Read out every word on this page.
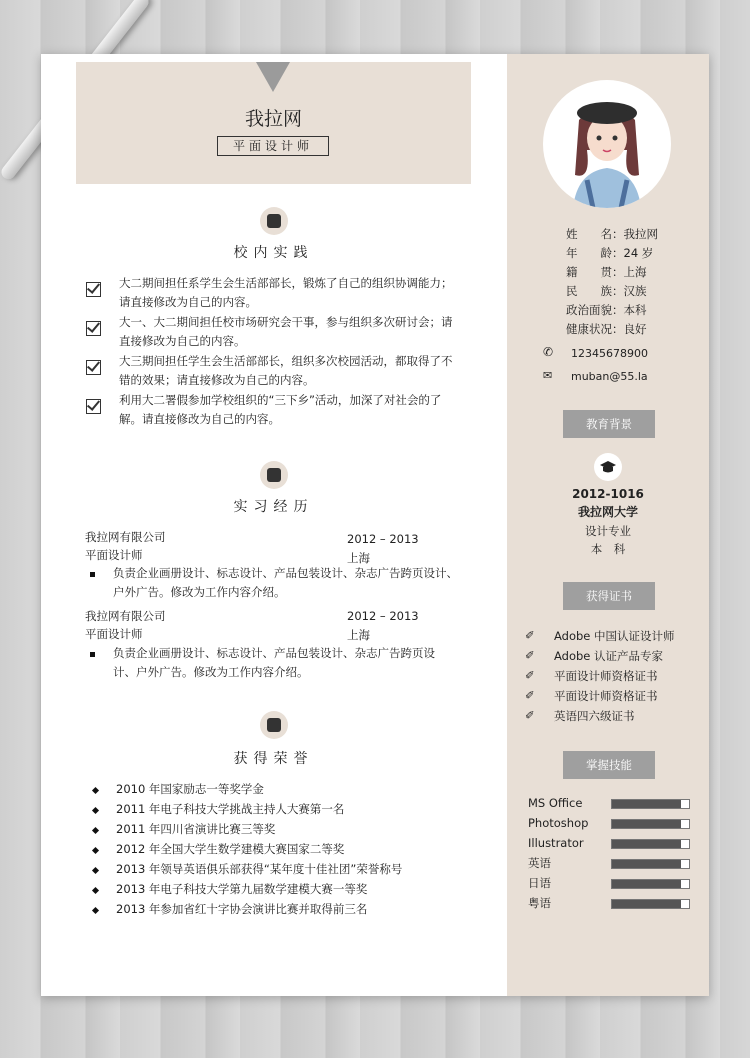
我拉网
平面设计师
校内实践
大二期间担任系学生会生活部部长，锻炼了自己的组织协调能力；
请直接修改为自己的内容。
大一、大二期间担任校市场研究会干事，参与组织多次研讨会；请
直接修改为自己的内容。
大三期间担任学生会生活部部长，组织多次校园活动，都取得了不
错的效果；请直接修改为自己的内容。
利用大二署假参加学校组织的“三下乡”活动，加深了对社会的了
解。请直接修改为自己的内容。
实习经历
我拉网有限公司	2012 – 2013
平面设计师	上海
负责企业画册设计、标志设计、产品包装设计、杂志广告跨页设计、
户外广告。修改为工作内容介绍。
我拉网有限公司	2012 – 2013
平面设计师	上海
负责企业画册设计、标志设计、产品包装设计、杂志广告跨页设
计、户外广告。修改为工作内容介绍。
获得荣誉
2010 年国家励志一等奖学金
2011 年电子科技大学挑战主持人大赛第一名
2011 年四川省演讲比赛三等奖
2012 年全国大学生数学建模大赛国家二等奖
2013 年领导英语俱乐部获得“某年度十佳社团”荣誉称号
2013 年电子科技大学第九届数学建模大赛一等奖
2013 年参加省红十字协会演讲比赛并取得前三名
姓　　名：我拉网
年　　龄：24 岁
籍　　贯：上海
民　　族：汉族
政治面貌：本科
健康状况：良好
✆ 12345678900
✉ muban@55.la
教育背景
2012-1016
我拉网大学
设计专业
本　科
获得证书
✐ Adobe 中国认证设计师
✐ Adobe 认证产品专家
✐ 平面设计师资格证书
✐ 平面设计师资格证书
✐ 英语四六级证书
掌握技能
MS Office
Photoshop
Illustrator
英语
日语
粤语
